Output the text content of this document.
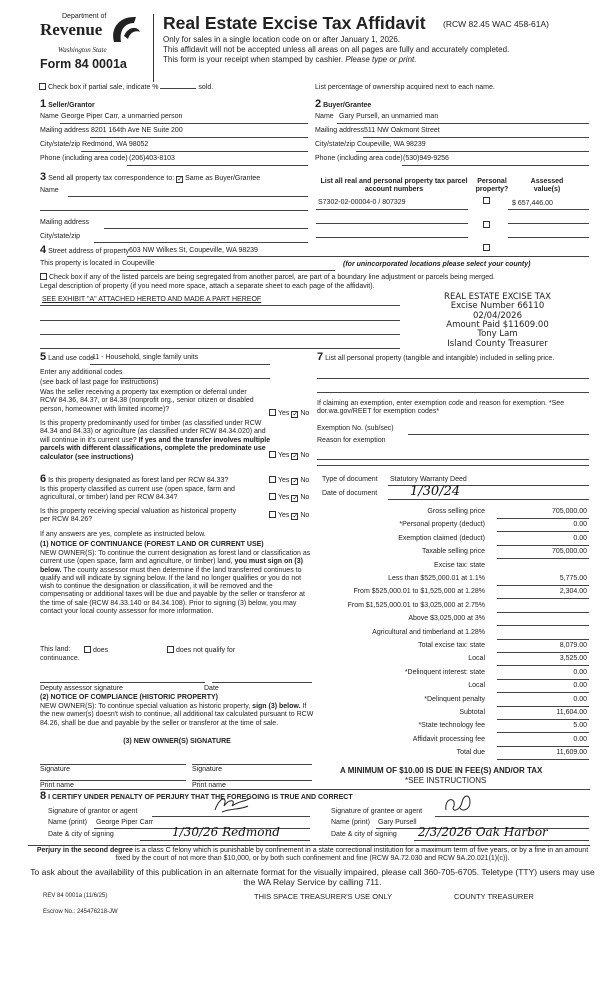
Department of
Revenue
Washington State
Form 84 0001a
Real Estate Excise Tax Affidavit (RCW 82.45 WAC 458-61A)
Only for sales in a single location code on or after January 1, 2026.
This affidavit will not be accepted unless all areas on all pages are fully and accurately completed.
This form is your receipt when stamped by cashier. Please type or print.
Check box if partial sale, indicate %	sold.	List percentage of ownership acquired next to each name.
1 Seller/Grantor
Name George Piper Carr, a unmarried person
Mailing address 8201 164th Ave NE Suite 200
City/state/zip Redmond, WA 98052
Phone (including area code) (206)403-8103
2 Buyer/Grantee
Name Gary Pursell, an unmarried man
Mailing address 511 NW Oakmont Street
City/state/zip Coupeville, WA 98239
Phone (including area code) (530)949-9256
3 Send all property tax correspondence to: ✓ Same as Buyer/Grantee
Name
Mailing address
City/state/zip
List all real and personal property tax parcel account numbers
Personal property?
Assessed value(s)
S7302-02-00004-0 / 807329	$ 657,446.00
4 Street address of property 603 NW Wilkes St, Coupeville, WA 98239
This property is located in Coupeville	(for unincorporated locations please select your county)
Check box if any of the listed parcels are being segregated from another parcel, are part of a boundary line adjustment or parcels being merged.
Legal description of property (if you need more space, attach a separate sheet to each page of the affidavit).
SEE EXHIBIT "A" ATTACHED HERETO AND MADE A PART HEREOF	REAL ESTATE EXCISE TAX
Excise Number 66110
02/04/2026
Amount Paid $11609.00
Tony Lam
Island County Treasurer
5 Land use code
11 - Household, single family units
Enter any additional codes
(see back of last page for instructions)
Was the seller receiving a property tax exemption or deferral under RCW 84.36, 84.37, or 84.38 (nonprofit org., senior citizen or disabled person, homeowner with limited income)?
Yes ✓ No
Is this property predominantly used for timber (as classified under RCW 84.34 and 84.33) or agriculture (as classified under RCW 84.34.020) and will continue in it's current use? If yes and the transfer involves multiple parcels with different classifications, complete the predominate use calculator (see instructions)	Yes ✓ No
7 List all personal property (tangible and intangible) included in selling price.
If claiming an exemption, enter exemption code and reason for exemption. *See dor.wa.gov/REET for exemption codes*
Exemption No. (sub/sec)
Reason for exemption
6 Is this property designated as forest land per RCW 84.33?	Yes ✓ No
Is this property classified as current use (open space, farm and agricultural, or timber) land per RCW 84.34?	Yes ✓ No
Is this property receiving special valuation as historical property per RCW 84.26?
Yes ✓ No
If any answers are yes, complete as instructed below.
(1) NOTICE OF CONTINUANCE (FOREST LAND OR CURRENT USE)
NEW OWNER(S): To continue the current designation as forest land or classification as current use (open space, farm and agriculture, or timber) land, you must sign on (3) below. The county assessor must then determine if the land transferred continues to qualify and will indicate by signing below. If the land no longer qualifies or you do not wish to continue the designation or classification, it will be removed and the compensating or additional taxes will be due and payable by the seller or transferor at the time of sale (RCW 84.33.140 or 84.34.108). Prior to signing (3) below, you may contact your local county assessor for more information.
This land:	does	does not qualify for
continuance.
Deputy assessor signature	Date
(2) NOTICE OF COMPLIANCE (HISTORIC PROPERTY)
NEW OWNER(S): To continue special valuation as historic property, sign (3) below. If the new owner(s) doesn't wish to continue, all additional tax calculated pursuant to RCW 84.26, shall be due and payable by the seller or transferor at the time of sale.
(3) NEW OWNER(S) SIGNATURE
Signature	Signature
Print name	Print name
Type of document Statutory Warranty Deed
Date of document	1/30/24
Gross selling price	705,000.00
*Personal property (deduct)	0.00
Exemption claimed (deduct)	0.00
Taxable selling price	705,000.00
Excise tax: state
Less than $525,000.01 at 1.1%	5,775.00
From $525,000.01 to $1,525,000 at 1.28%	2,304.00
From $1,525,000.01 to $3,025,000 at 2.75%
Above $3,025,000 at 3%
Agricultural and timberland at 1.28%
Total excise tax: state	8,079.00
Local	3,525.00
*Delinquent interest: state	0.00
Local	0.00
*Delinquent penalty	0.00
Subtotal	11,604.00
*State technology fee	5.00
Affidavit processing fee	0.00
Total due	11,609.00
A MINIMUM OF $10.00 IS DUE IN FEE(S) AND/OR TAX
*SEE INSTRUCTIONS
8 I CERTIFY UNDER PENALTY OF PERJURY THAT THE FOREGOING IS TRUE AND CORRECT
Signature of grantor or agent
Name (print) George Piper Carr
Date & city of signing	1/30/26 Redmond
Signature of grantee or agent
Name (print) Gary Pursell
Date & city of signing 2/3/2026 Oak Harbor
Perjury in the second degree is a class C felony which is punishable by confinement in a state correctional institution for a maximum term of five years, or by a fine in an amount fixed by the court of not more than $10,000, or by both such confinement and fine (RCW 9A.72.030 and RCW 9A.20.021(1)(c)).
To ask about the availability of this publication in an alternate format for the visually impaired, please call 360-705-6705. Teletype (TTY) users may use the WA Relay Service by calling 711.
REV 84 0001a (11/6/25)	THIS SPACE TREASURER'S USE ONLY	COUNTY TREASURER
Escrow No.: 245476218-JW
